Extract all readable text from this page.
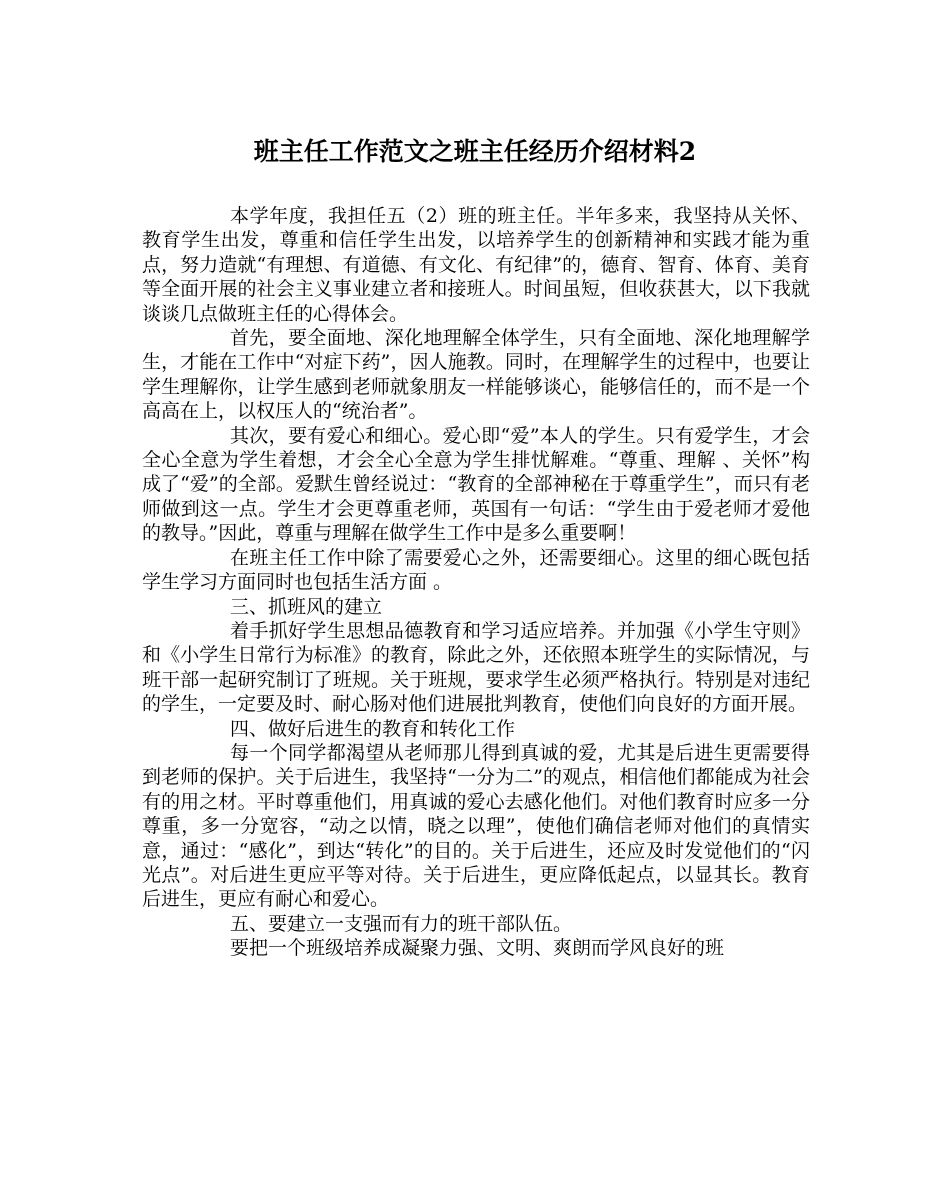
班主任工作范文之班主任经历介绍材料2

本学年度，我担任五（2）班的班主任。半年多来，我坚持从关怀、教育学生出发，尊重和信任学生出发，以培养学生的创新精神和实践才能为重点，努力造就“有理想、有道德、有文化、有纪律”的，德育、智育、体育、美育等全面开展的社会主义事业建立者和接班人。时间虽短，但收获甚大，以下我就谈谈几点做班主任的心得体会。

首先，要全面地、深化地理解全体学生，只有全面地、深化地理解学生，才能在工作中“对症下药”，因人施教。同时，在理解学生的过程中，也要让学生理解你，让学生感到老师就象朋友一样能够谈心，能够信任的，而不是一个高高在上，以权压人的“统治者”。

其次，要有爱心和细心。爱心即“爱”本人的学生。只有爱学生，才会全心全意为学生着想，才会全心全意为学生排忧解难。“尊重、理解 、关怀”构成了“爱”的全部。爱默生曾经说过：“教育的全部神秘在于尊重学生”，而只有老师做到这一点。学生才会更尊重老师，英国有一句话：“学生由于爱老师才爱他的教导。”因此，尊重与理解在做学生工作中是多么重要啊！

在班主任工作中除了需要爱心之外，还需要细心。这里的细心既包括学生学习方面同时也包括生活方面 。

三、抓班风的建立

着手抓好学生思想品德教育和学习适应培养。并加强《小学生守则》和《小学生日常行为标准》的教育，除此之外，还依照本班学生的实际情况，与班干部一起研究制订了班规。关于班规，要求学生必须严格执行。特别是对违纪的学生，一定要及时、耐心肠对他们进展批判教育，使他们向良好的方面开展。

四、做好后进生的教育和转化工作

每一个同学都渴望从老师那儿得到真诚的爱，尤其是后进生更需要得到老师的保护。关于后进生，我坚持“一分为二”的观点，相信他们都能成为社会有的用之材。平时尊重他们，用真诚的爱心去感化他们。对他们教育时应多一分尊重，多一分宽容，“动之以情，晓之以理”，使他们确信老师对他们的真情实意，通过：“感化”，到达“转化”的目的。关于后进生，还应及时发觉他们的“闪光点”。对后进生更应平等对待。关于后进生，更应降低起点，以显其长。教育后进生，更应有耐心和爱心。

五、要建立一支强而有力的班干部队伍。

要把一个班级培养成凝聚力强、文明、爽朗而学风良好的班
